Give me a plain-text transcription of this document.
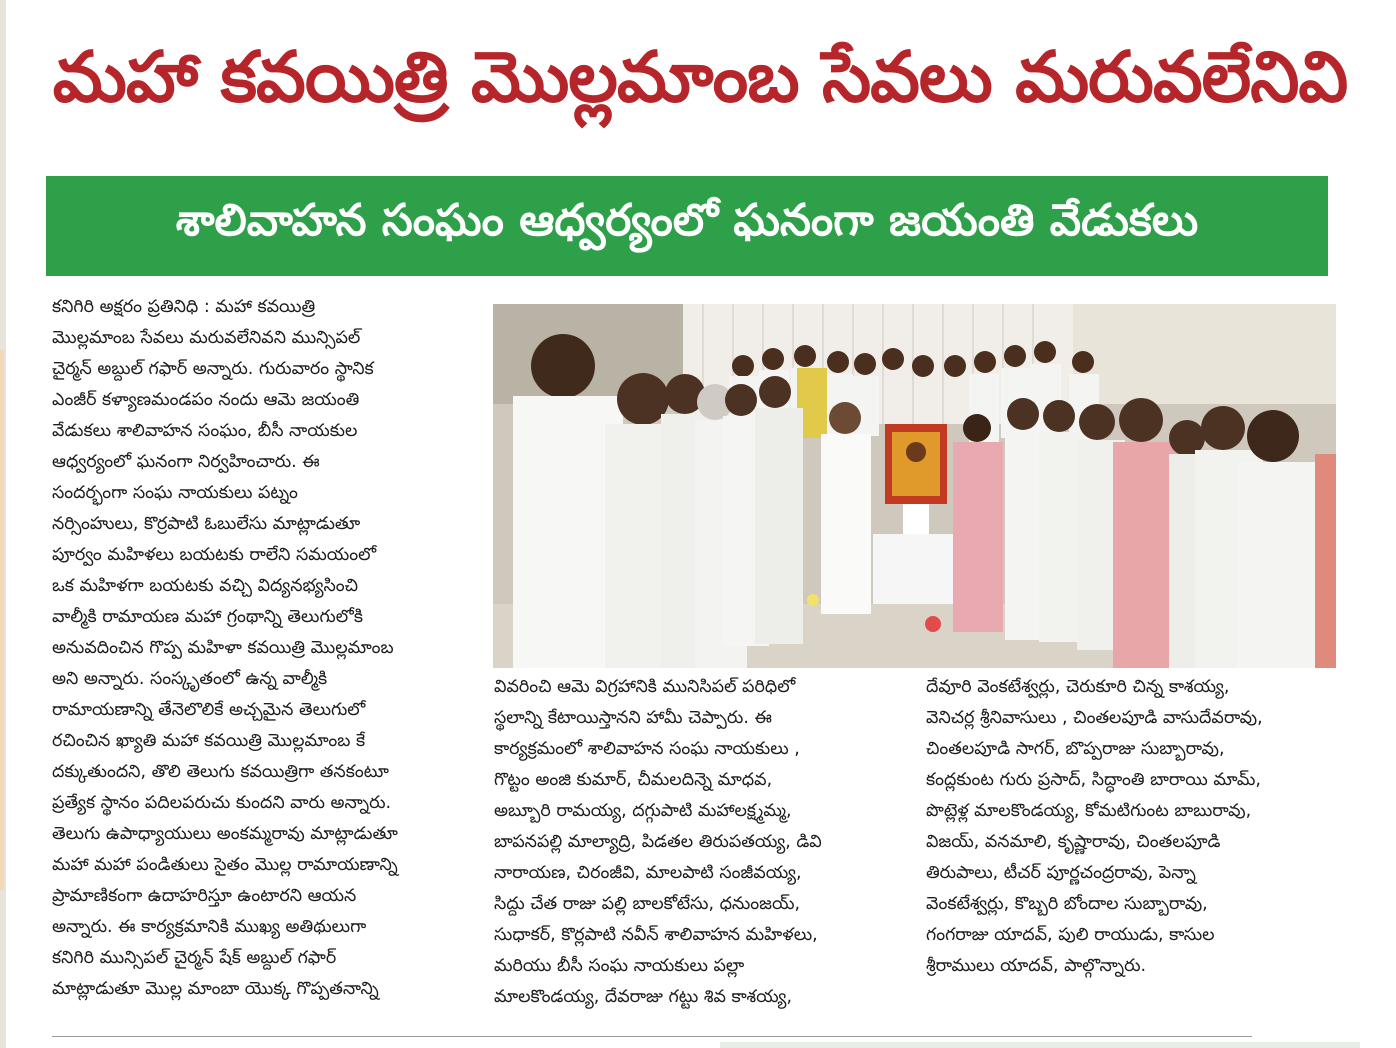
మహా కవయిత్రి మొల్లమాంబ సేవలు మరువలేనివి
శాలివాహన సంఘం ఆధ్వర్యంలో ఘనంగా జయంతి వేడుకలు

కనిగిరి అక్షరం ప్రతినిధి : మహా కవయిత్రి

మొల్లమాంబ సేవలు మరువలేనివని మున్సిపల్

చైర్మన్ అబ్దుల్ గఫార్ అన్నారు. గురువారం స్థానిక

ఎంజీర్ కళ్యాణమండపం నందు ఆమె జయంతి

వేడుకలు శాలివాహన సంఘం, బీసీ నాయకుల

ఆధ్వర్యంలో ఘనంగా నిర్వహించారు. ఈ

సందర్భంగా సంఘ నాయకులు పట్నం

నర్సింహులు, కొర్రపాటి ఓబులేసు మాట్లాడుతూ

పూర్వం మహిళలు బయటకు రాలేని సమయంలో

ఒక మహిళగా బయటకు వచ్చి విద్యనభ్యసించి

వాల్మీకి రామాయణ మహా గ్రంథాన్ని తెలుగులోకి

అనువదించిన గొప్ప మహిళా కవయిత్రి మొల్లమాంబ

అని అన్నారు. సంస్కృతంలో ఉన్న వాల్మీకి

రామాయణాన్ని తేనెలొలికే అచ్చమైన తెలుగులో

రచించిన ఖ్యాతి మహా కవయిత్రి మొల్లమాంబ కే

దక్కుతుందని, తొలి తెలుగు కవయిత్రిగా తనకంటూ

ప్రత్యేక స్థానం పదిలపరుచు కుందని వారు అన్నారు.

తెలుగు ఉపాధ్యాయులు అంకమ్మరావు మాట్లాడుతూ

మహా మహా పండితులు సైతం మొల్ల రామాయణాన్ని

ప్రామాణికంగా ఉదాహరిస్తూ ఉంటారని ఆయన

అన్నారు. ఈ కార్యక్రమానికి ముఖ్య అతిథులుగా

కనిగిరి మున్సిపల్ చైర్మన్ షేక్ అబ్దుల్ గఫార్

మాట్లాడుతూ మొల్ల మాంబా యొక్క గొప్పతనాన్ని

వివరించి ఆమె విగ్రహానికి మునిసిపల్ పరిధిలో

స్థలాన్ని కేటాయిస్తానని హామీ చెప్పారు. ఈ

కార్యక్రమంలో శాలివాహన సంఘ నాయకులు ,

గొట్టం అంజి కుమార్, చీమలదిన్నె మాధవ,

అబ్బూరి రామయ్య, దగ్గుపాటి మహాలక్ష్మమ్మ,

బాపనపల్లి మాల్యాద్రి, పిడతల తిరుపతయ్య, డివి

నారాయణ, చిరంజీవి, మాలపాటి సంజీవయ్య,

సిద్దు చేత రాజు పల్లి బాలకోటేసు, ధనుంజయ్,

సుధాకర్, కొర్లపాటి నవీన్ శాలివాహన మహిళలు,

మరియు బీసీ సంఘ నాయకులు పల్లా

మాలకొండయ్య, దేవరాజు గట్టు శివ కాశయ్య,

దేవూరి వెంకటేశ్వర్లు, చెరుకూరి చిన్న కాశయ్య,

వెనిచర్ల శ్రీనివాసులు , చింతలపూడి వాసుదేవరావు,

చింతలపూడి సాగర్, బొప్పరాజు సుబ్బారావు,

కంద్లకుంట గురు ప్రసాద్, సిద్ధాంతి బారాయి మామ్,

పొట్లెళ్ల మాలకొండయ్య, కోమటిగుంట బాబురావు,

విజయ్, వనమాలి, కృష్ణారావు, చింతలపూడి

తిరుపాలు, టీచర్ పూర్ణచంద్రరావు, పెన్నా

వెంకటేశ్వర్లు, కొబ్బరి బోందాల సుబ్బారావు,

గంగరాజు యాదవ్, పులి రాయుడు, కాసుల

శ్రీరాములు యాదవ్, పాల్గొన్నారు.
